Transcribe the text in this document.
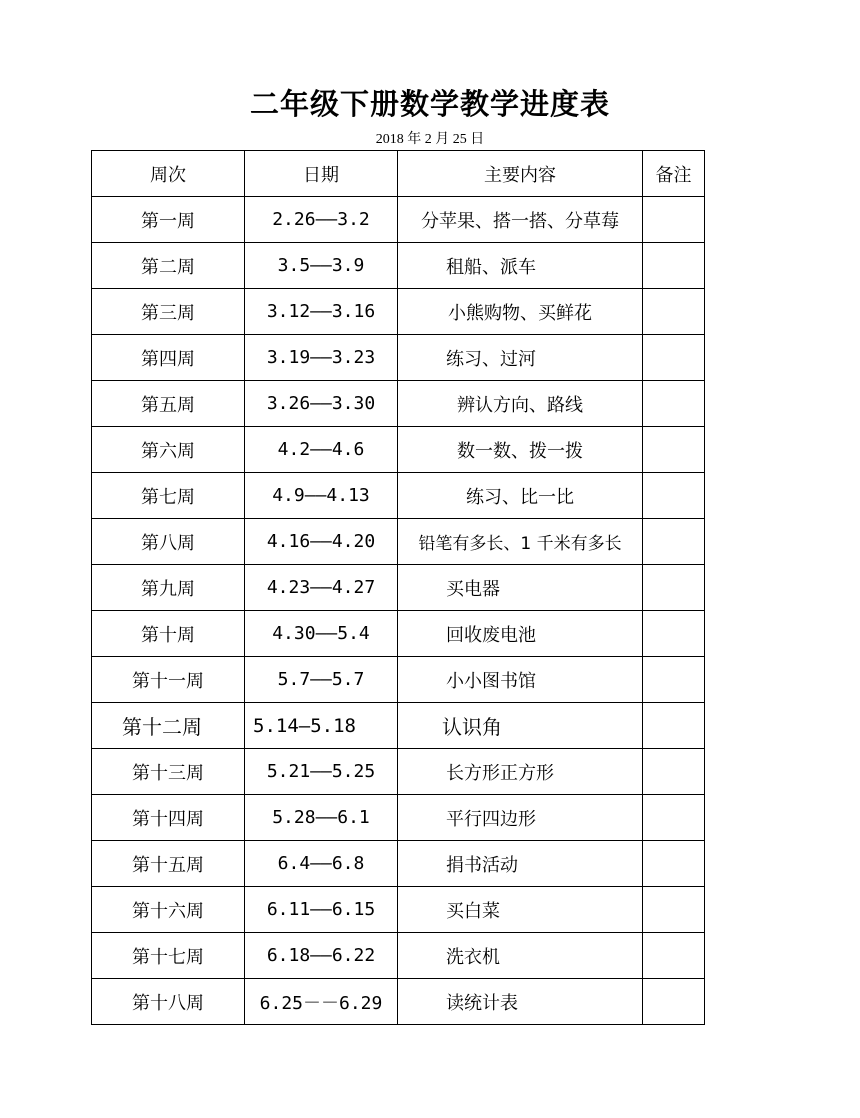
二年级下册数学教学进度表
2018 年 2 月 25 日
周次	日期	主要内容	备注
第一周	2.26——3.2	分苹果、搭一搭、分草莓	
第二周	3.5——3.9	租船、派车	
第三周	3.12——3.16	小熊购物、买鲜花	
第四周	3.19——3.23	练习、过河	
第五周	3.26——3.30	辨认方向、路线	
第六周	4.2——4.6	数一数、拨一拨	
第七周	4.9——4.13	练习、比一比	
第八周	4.16——4.20	铅笔有多长、1 千米有多长	
第九周	4.23——4.27	买电器	
第十周	4.30——5.4	回收废电池	
第十一周	5.7——5.7	小小图书馆	
第十二周	5.14—5.18	认识角	
第十三周	5.21——5.25	长方形正方形	
第十四周	5.28——6.1	平行四边形	
第十五周	6.4——6.8	捐书活动	
第十六周	6.11——6.15	买白菜	
第十七周	6.18——6.22	洗衣机	
第十八周	6.25－－6.29	读统计表	
